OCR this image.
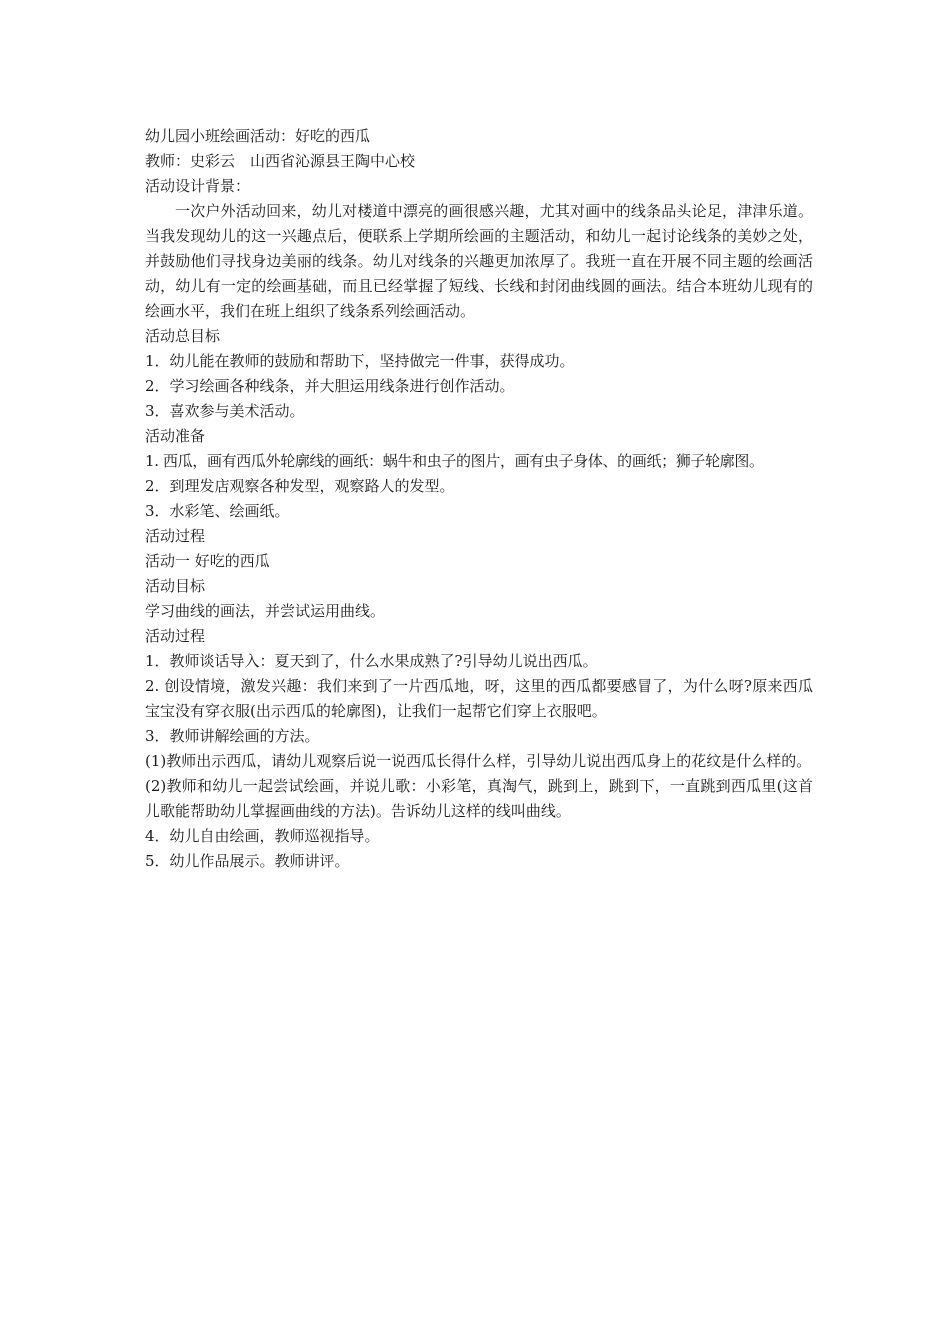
幼儿园小班绘画活动：好吃的西瓜
教师：史彩云　山西省沁源县王陶中心校
活动设计背景：
一次户外活动回来，幼儿对楼道中漂亮的画很感兴趣，尤其对画中的线条品头论足，津津乐道。当我发现幼儿的这一兴趣点后，便联系上学期所绘画的主题活动，和幼儿一起讨论线条的美妙之处，并鼓励他们寻找身边美丽的线条。幼儿对线条的兴趣更加浓厚了。我班一直在开展不同主题的绘画活动，幼儿有一定的绘画基础，而且已经掌握了短线、长线和封闭曲线圆的画法。结合本班幼儿现有的绘画水平，我们在班上组织了线条系列绘画活动。
活动总目标
1．幼儿能在教师的鼓励和帮助下，坚持做完一件事，获得成功。
2．学习绘画各种线条，并大胆运用线条进行创作活动。
3．喜欢参与美术活动。
活动准备
1. 西瓜，画有西瓜外轮廓线的画纸：蜗牛和虫子的图片，画有虫子身体、的画纸；狮子轮廓图。
2．到理发店观察各种发型，观察路人的发型。
3．水彩笔、绘画纸。
活动过程
活动一 好吃的西瓜
活动目标
学习曲线的画法，并尝试运用曲线。
活动过程
1．教师谈话导入：夏天到了，什么水果成熟了?引导幼儿说出西瓜。
2. 创设情境，激发兴趣：我们来到了一片西瓜地，呀，这里的西瓜都要感冒了，为什么呀?原来西瓜宝宝没有穿衣服(出示西瓜的轮廓图)，让我们一起帮它们穿上衣服吧。
3．教师讲解绘画的方法。
(1)教师出示西瓜，请幼儿观察后说一说西瓜长得什么样，引导幼儿说出西瓜身上的花纹是什么样的。
(2)教师和幼儿一起尝试绘画，并说儿歌：小彩笔，真淘气，跳到上，跳到下，一直跳到西瓜里(这首儿歌能帮助幼儿掌握画曲线的方法)。告诉幼儿这样的线叫曲线。
4．幼儿自由绘画，教师巡视指导。
5．幼儿作品展示。教师讲评。
